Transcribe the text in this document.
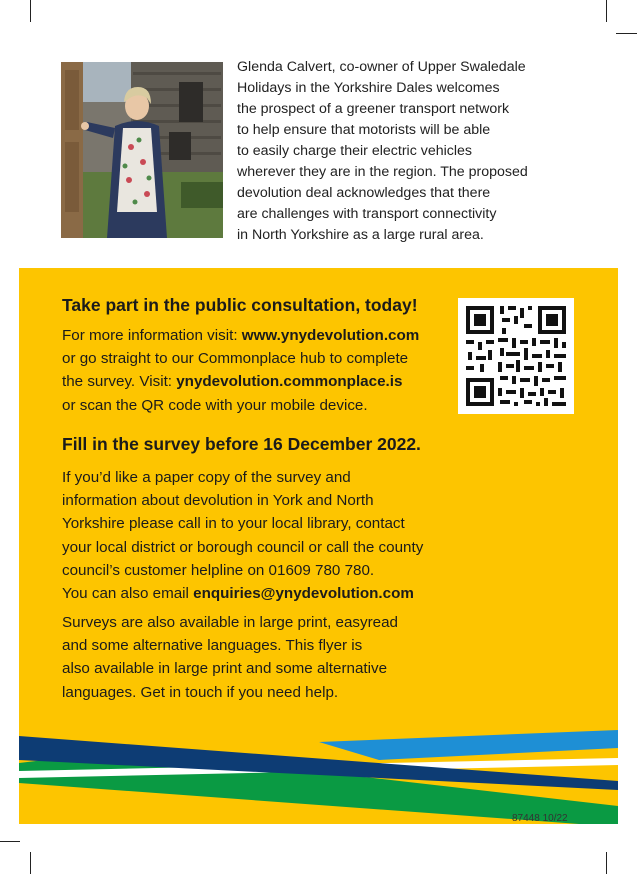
Glenda Calvert, co-owner of Upper Swaledale
Holidays in the Yorkshire Dales welcomes
the prospect of a greener transport network
to help ensure that motorists will be able
to easily charge their electric vehicles
wherever they are in the region. The proposed
devolution deal acknowledges that there
are challenges with transport connectivity
in North Yorkshire as a large rural area.
Take part in the public consultation, today!
For more information visit: www.ynydevolution.com
or go straight to our Commonplace hub to complete
the survey. Visit: ynydevolution.commonplace.is
or scan the QR code with your mobile device.
Fill in the survey before 16 December 2022.
If you’d like a paper copy of the survey and
information about devolution in York and North
Yorkshire please call in to your local library, contact
your local district or borough council or call the county
council’s customer helpline on 01609 780 780.
You can also email enquiries@ynydevolution.com
Surveys are also available in large print, easyread
and some alternative languages. This flyer is
also available in large print and some alternative
languages. Get in touch if you need help.
87448 10/22
